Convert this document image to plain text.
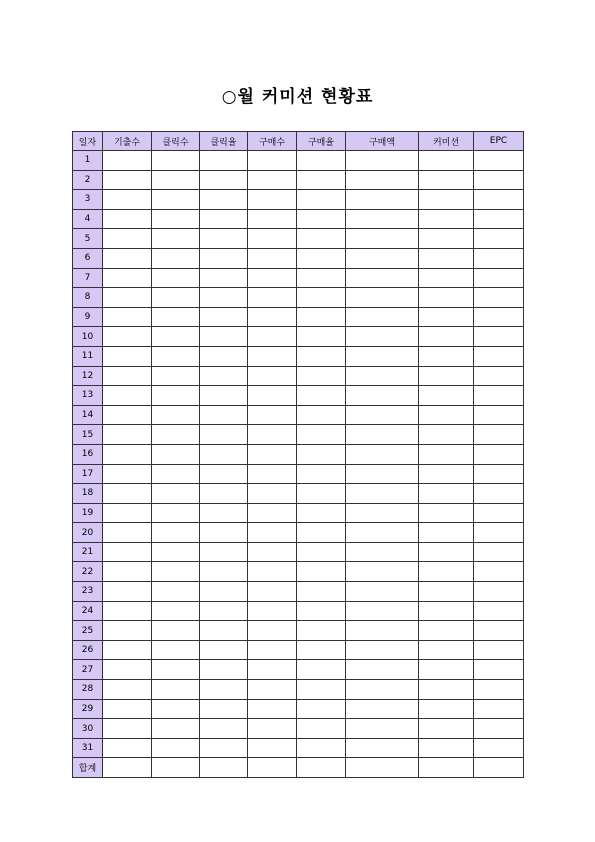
○월 커미션 현황표
일자	기출수	클릭수	클릭율	구매수	구매율	구매액	커미션	EPC
1								
2								
3								
4								
5								
6								
7								
8								
9								
10								
11								
12								
13								
14								
15								
16								
17								
18								
19								
20								
21								
22								
23								
24								
25								
26								
27								
28								
29								
30								
31								
합계								
